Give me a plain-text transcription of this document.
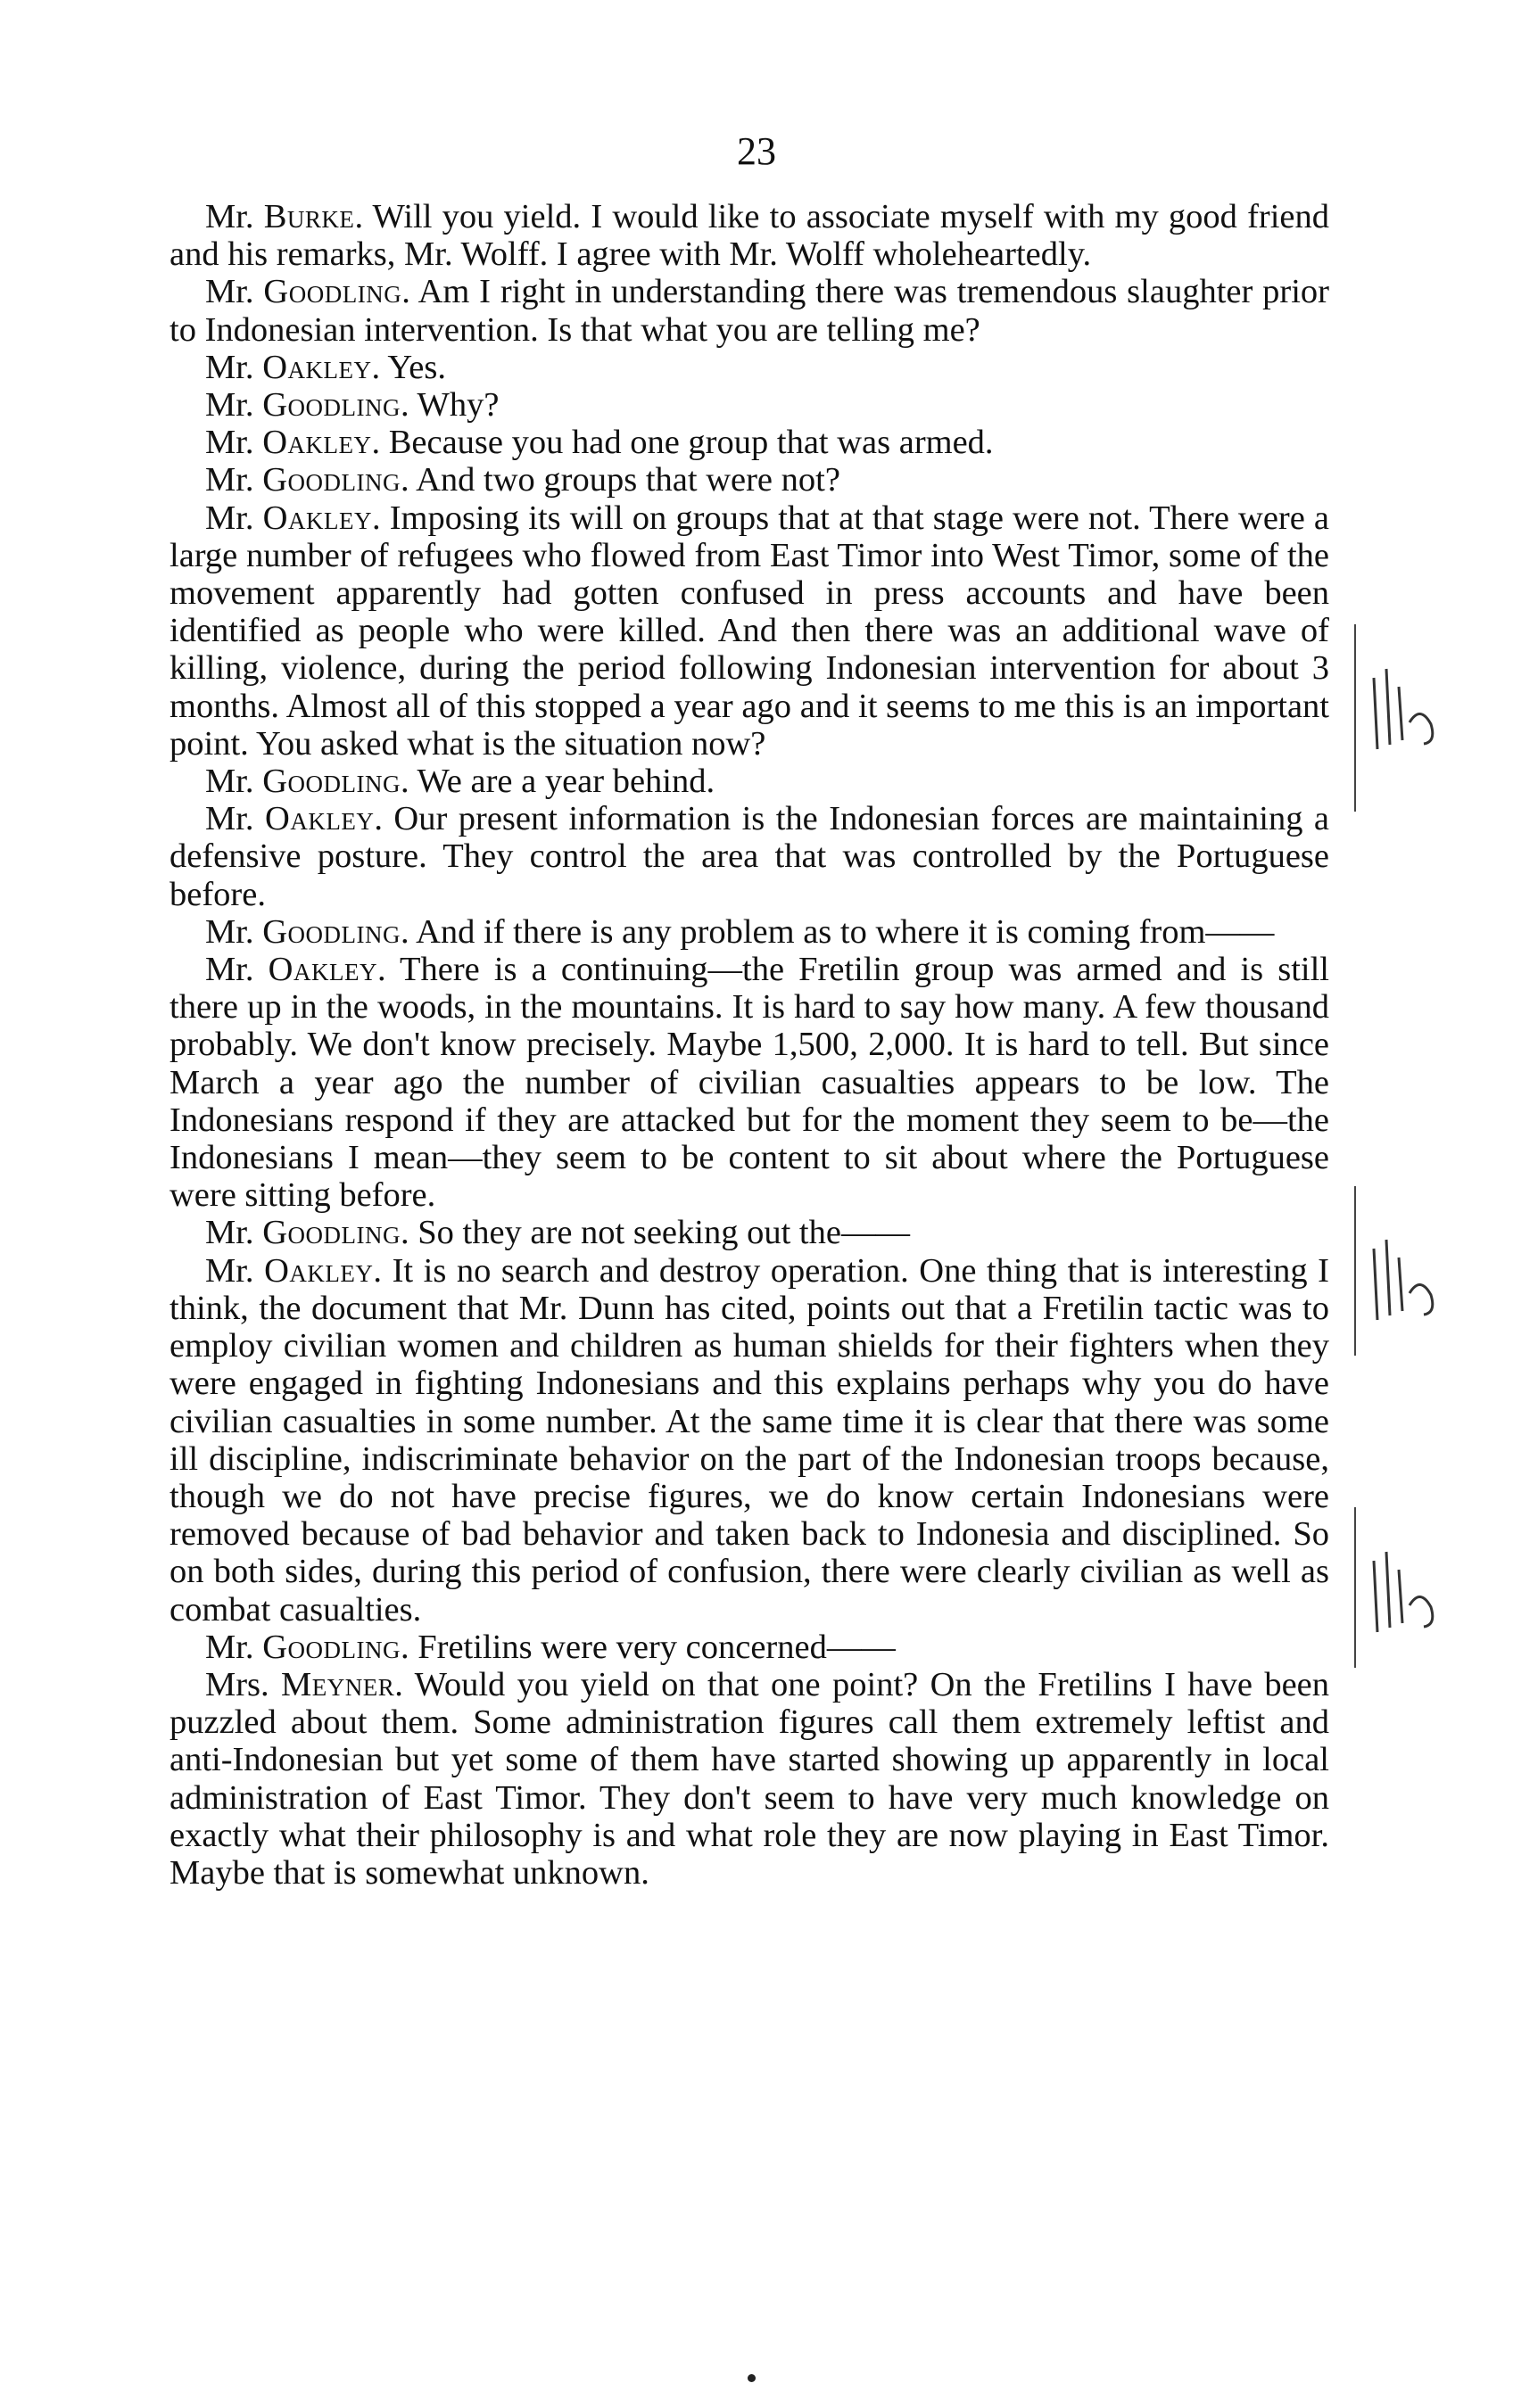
23

Mr. Burke. Will you yield. I would like to associate myself with my good friend and his remarks, Mr. Wolff. I agree with Mr. Wolff wholeheartedly.

Mr. Goodling. Am I right in understanding there was tremendous slaughter prior to Indonesian intervention. Is that what you are telling me?

Mr. Oakley. Yes.

Mr. Goodling. Why?

Mr. Oakley. Because you had one group that was armed.

Mr. Goodling. And two groups that were not?

Mr. Oakley. Imposing its will on groups that at that stage were not. There were a large number of refugees who flowed from East Timor into West Timor, some of the movement apparently had gotten confused in press accounts and have been identified as people who were killed. And then there was an additional wave of killing, violence, during the period following Indonesian intervention for about 3 months. Almost all of this stopped a year ago and it seems to me this is an important point. You asked what is the situation now?

Mr. Goodling. We are a year behind.

Mr. Oakley. Our present information is the Indonesian forces are maintaining a defensive posture. They control the area that was controlled by the Portuguese before.

Mr. Goodling. And if there is any problem as to where it is coming from——

Mr. Oakley. There is a continuing—the Fretilin group was armed and is still there up in the woods, in the mountains. It is hard to say how many. A few thousand probably. We don't know precisely. Maybe 1,500, 2,000. It is hard to tell. But since March a year ago the number of civilian casualties appears to be low. The Indonesians respond if they are attacked but for the moment they seem to be—the Indonesians I mean—they seem to be content to sit about where the Portuguese were sitting before.

Mr. Goodling. So they are not seeking out the——

Mr. Oakley. It is no search and destroy operation. One thing that is interesting I think, the document that Mr. Dunn has cited, points out that a Fretilin tactic was to employ civilian women and children as human shields for their fighters when they were engaged in fighting Indonesians and this explains perhaps why you do have civilian casualties in some number. At the same time it is clear that there was some ill discipline, indiscriminate behavior on the part of the Indonesian troops because, though we do not have precise figures, we do know certain Indonesians were removed because of bad behavior and taken back to Indonesia and disciplined. So on both sides, during this period of confusion, there were clearly civilian as well as combat casualties.

Mr. Goodling. Fretilins were very concerned——

Mrs. Meyner. Would you yield on that one point? On the Fretilins I have been puzzled about them. Some administration figures call them extremely leftist and anti-Indonesian but yet some of them have started showing up apparently in local administration of East Timor. They don't seem to have very much knowledge on exactly what their philosophy is and what role they are now playing in East Timor. Maybe that is somewhat unknown.
